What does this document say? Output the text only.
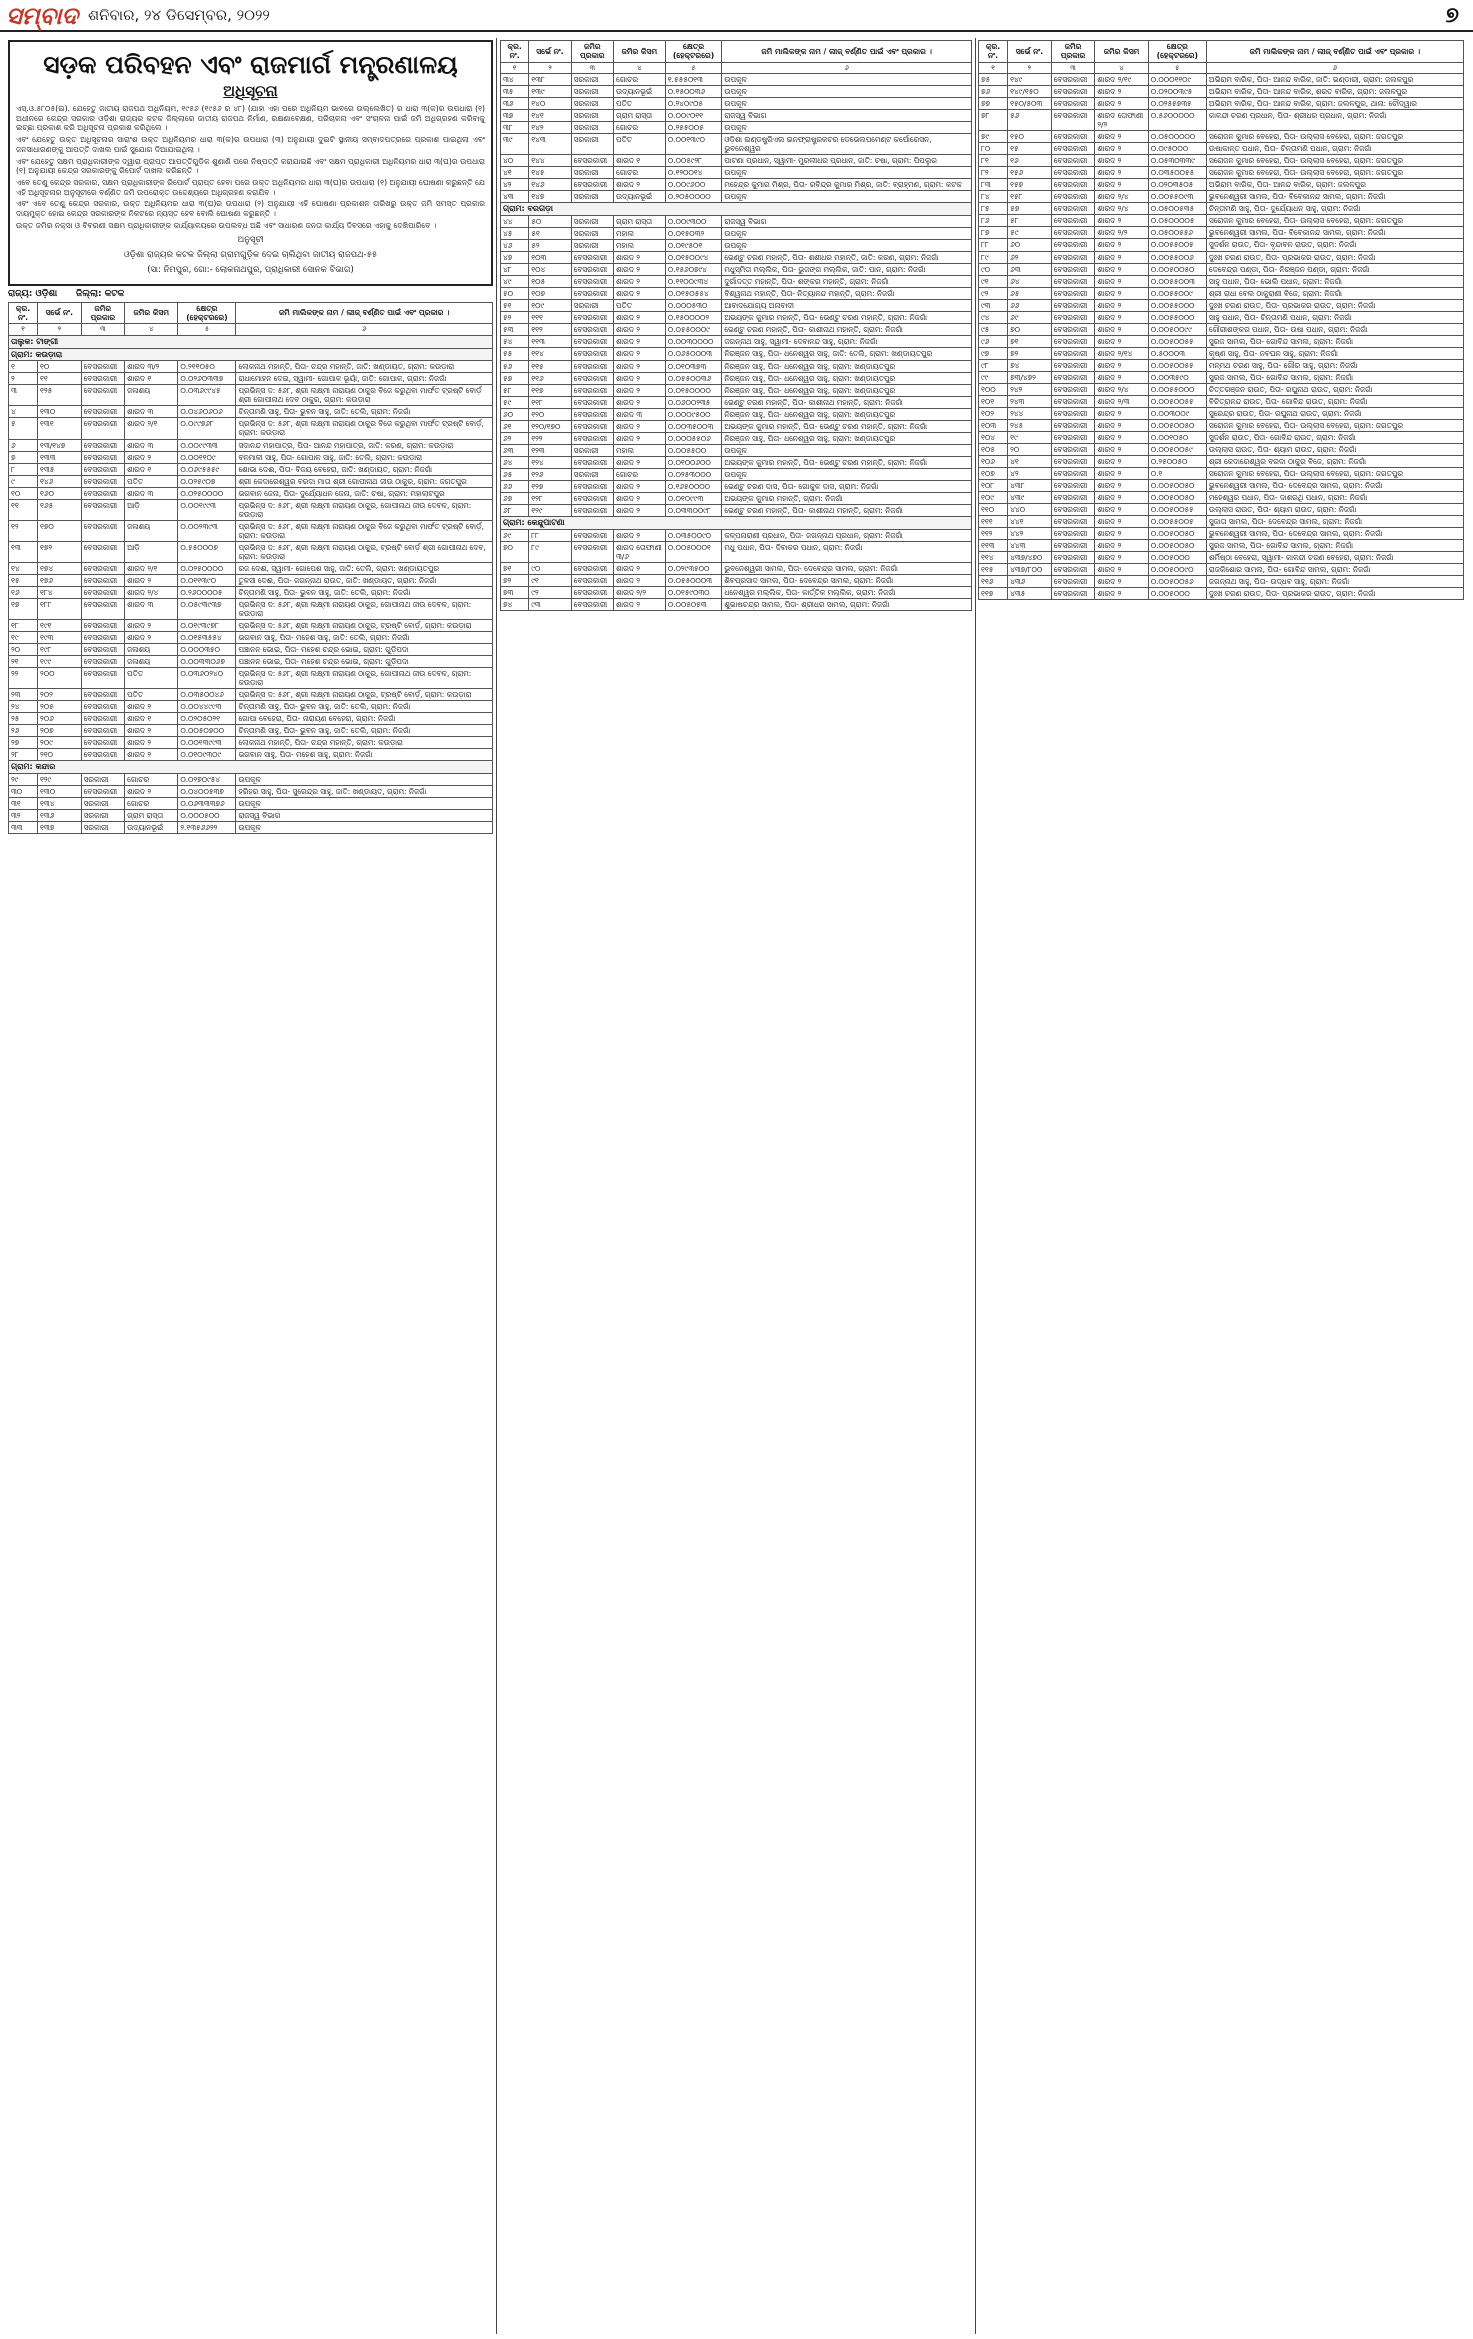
ସମ୍ବାଦ ଶନିବାର, ୨୪ ଡିସେମ୍ବର, ୨୦୨୨	୭
ସଡ଼କ ପରିବହନ ଏବଂ ରାଜମାର୍ଗ ମନ୍ତ୍ରଣାଳୟ
ଅଧିସୂଚନା

ଏସ୍.ଓ.୫୮୦୫(ଇ). ଯେହେତୁ ଜାତୀୟ ରାଜପଥ ଅଧିନିୟମ, ୧୯୫୬ (୧୯୫୬ ର ୪୮) (ଯାହା ଏହା ପରେ ଅଧିନିୟମ ଭାବରେ ଉଲ୍ଲେଖିତ) ର ଧାରା ୩(କ)ର ଉପଧାରା (୧) ଅଧୀନରେ କେନ୍ଦ୍ର ସରକାର ଓଡ଼ିଶା ରାଜ୍ୟର କଟକ ଜିଲ୍ଲାରେ ଜାତୀୟ ରାଜପଥ ନିର୍ମାଣ, ରକ୍ଷଣାବେକ୍ଷଣ, ପରିଚାଳନା ଏବଂ ସଂଚାଳନା ପାଇଁ ଜମି ଅଧିଗ୍ରହଣ କରିବାକୁ ଇଚ୍ଛା ପ୍ରକାଶ କରି ଅଧିସୂଚନା ପ୍ରକାଶ କରିଥିଲେ ।

ଏବଂ ଯେହେତୁ ଉକ୍ତ ଅଧିସୂଚନାର ସାରାଂଶ ଉକ୍ତ ଅଧିନିୟମର ଧାରା ୩(କ)ର ଉପଧାରା (୩) ଅନୁଯାୟୀ ଦୁଇଟି ସ୍ଥାନୀୟ ସମ୍ବାଦପତ୍ରରେ ପ୍ରକାଶ ପାଇଥିଲା ଏବଂ ଜନସାଧାରଣଙ୍କୁ ଆପତ୍ତି ଦାଖଲ ପାଇଁ ସୁଯୋଗ ଦିଆଯାଇଥିଲା ।

ଏବଂ ଯେହେତୁ ସକ୍ଷମ ପ୍ରାଧିକାରୀଙ୍କ ଦ୍ୱାରା ପ୍ରାପ୍ତ ଆପତ୍ତିଗୁଡ଼ିକ ଶୁଣାଣି ପରେ ନିଷ୍ପତ୍ତି କରାଯାଇଛି ଏବଂ ସକ୍ଷମ ପ୍ରାଧିକାରୀ ଅଧିନିୟମର ଧାରା ୩(ଘ)ର ଉପଧାରା (୧) ଅନୁଯାୟୀ କେନ୍ଦ୍ର ସରକାରଙ୍କୁ ରିପୋର୍ଟ ଦାଖଲ କରିଛନ୍ତି ।

ଏବେ ତେଣୁ କେନ୍ଦ୍ର ସରକାର, ସକ୍ଷମ ପ୍ରାଧିକାରୀଙ୍କ ରିପୋର୍ଟ ପ୍ରାପ୍ତ ହେବା ପରେ ଉକ୍ତ ଅଧିନିୟମର ଧାରା ୩(ଘ)ର ଉପଧାରା (୧) ଅନୁଯାୟୀ ଘୋଷଣା କରୁଛନ୍ତି ଯେ ଏହି ଅଧିସୂଚନାର ଅନୁସୂଚୀରେ ବର୍ଣ୍ଣିତ ଜମି ଉପରୋକ୍ତ ଉଦ୍ଦେଶ୍ୟରେ ଅଧିଗ୍ରହଣ କରାଯିବ ।

ଏବଂ ଏବେ ତେଣୁ କେନ୍ଦ୍ର ସରକାର, ଉକ୍ତ ଅଧିନିୟମର ଧାରା ୩(ଘ)ର ଉପଧାରା (୨) ଅନୁଯାୟୀ ଏହି ଘୋଷଣା ପ୍ରକାଶନ ତାରିଖରୁ ଉକ୍ତ ଜମି ସମସ୍ତ ପ୍ରକାର ଦାୟମୁକ୍ତ ହୋଇ କେନ୍ଦ୍ର ସରକାରଙ୍କ ନିକଟରେ ନ୍ୟସ୍ତ ହେବ ବୋଲି ଘୋଷଣା କରୁଛନ୍ତି ।

ଉକ୍ତ ଜମିର ନକ୍ସା ଓ ବିବରଣୀ ସକ୍ଷମ ପ୍ରାଧିକାରୀଙ୍କ କାର୍ଯ୍ୟାଳୟରେ ଉପଲବ୍ଧ ଅଛି ଏବଂ ସାଧାରଣ ଜନତା କାର୍ଯ୍ୟ ଦିବସରେ ଏହାକୁ ଦେଖିପାରିବେ ।

ଅନୁସୂଚୀ
ଓଡ଼ିଶା ରାଜ୍ୟର କଟକ ଜିଲ୍ଲା ଗ୍ରାମଗୁଡ଼ିକ ଦେଇ ଚାଲିଥିବା ଜାତୀୟ ରାଜପଥ-୫୫
(ସା: ନିମପୁର, ଗୋ:- ଲୋକନାଥପୁର, ପ୍ରାଧିକାରୀ ସୋନକ ବିଭାଗ)
ରାଜ୍ୟ: ଓଡ଼ିଶା ଜିଲ୍ଲା: କଟକ
କ୍ର. ନଂ.	ସର୍ଭେ ନଂ.	ଜମିର ପ୍ରକାର	ଜମିର କିସମ	କ୍ଷେତ୍ର (ହେକ୍ଟରରେ)	ଜମି ମାଲିକଙ୍କ ନାମ / ଲୀଜ୍ ବର୍ଣ୍ଣିତ ପାଇଁ ଏବଂ ପ୍ରକାର ।
୧	୨	୩	୪	୫	୬
ତାଲୁକ: ଟାଙ୍ଗୀ					
ଗ୍ରାମ: କଉଡ଼ାରା					
୧	୧୦	ବେସରକାରୀ	ଶାରଦ ୩/୨	୦.୨୧୧୦୫୦	ଲୋକନାଥ ମହାନ୍ତି, ପିତା- ଚନ୍ଦ୍ର ମହାନ୍ତି, ଜାତି: ଖଣ୍ଡାୟତ, ଗ୍ରାମ: କଉଡ଼ାରା
୨	୧୧	ବେସରକାରୀ	ଶାରଦ ୧	୦.୦୨୬୦୩୩୭	ରାଧାମୋହନ ଦେଇ, ସ୍ୱାମୀ- ଗୋପାଳ ଭୂୟାଁ, ଜାତି: ଗୋପାଳ, ଗ୍ରାମ: ନିଜଗାଁ
୩	୧୨୫	ବେସରକାରୀ	ଜଳାଶୟ	୦.୦୩୬୯୯୪୫	ପ୍ରଭିନ୍ସ ଦ: ୫୬୮, ଶ୍ରୀ ଲକ୍ଷ୍ମୀ ନାରାୟଣ ଠାକୁର ବିଜେ କରୁଥିବା ମାର୍ଫତ ଟ୍ରଷ୍ଟି ବୋର୍ଡ଼ ଶ୍ରୀ ଗୋପୀନାଥ ଦେବ ଠାକୁର, ଗ୍ରାମ: କଉଡ଼ାରା
୪	୧୩୦	ବେସରକାରୀ	ଶାରଦ ୩	୦.୦୪୬୦୬୦୬	ଚିନ୍ତାମଣି ସାହୁ, ପିତା- ଭୁବନ ସାହୁ, ଜାତି: ତେଲି, ଗ୍ରାମ: ନିଜଗାଁ
୫	୧୩୧	ବେସରକାରୀ	ଶାରଦ ୨/୧	୦.୦୯୯୭୬୮	ପ୍ରଭିନ୍ସ ଦ: ୫୬୮, ଶ୍ରୀ ଲକ୍ଷ୍ମୀ ନାରାୟଣ ଠାକୁର ବିଜେ କରୁଥିବା ମାର୍ଫତ ଟ୍ରଷ୍ଟି ବୋର୍ଡ଼, ଗ୍ରାମ: କଉଡ଼ାରା
୬	୧୩/୧୪୭	ବେସରକାରୀ	ଶାରଦ ୩	୦.୦୦୯୯୩୩	ସଦାନନ୍ଦ ମହାପାତ୍ର, ପିତା- ଆନନ୍ଦ ମହାପାତ୍ର, ଜାତି: କରଣ, ଗ୍ରାମ: କଉଡ଼ାରା
୭	୧୩୩	ବେସରକାରୀ	ଶାରଦ ୨	୦.୦୦୧୧୦୯	ବନମାଳୀ ସାହୁ, ପିତା- ଗୋପାଳ ସାହୁ, ଜାତି: ତେଲି, ଗ୍ରାମ: କଉଡ଼ାରା
୮	୧୩୫	ବେସରକାରୀ	ଶାରଦ ୧	୦.୦୬୯୫୫୫୯	ଶୋଭା ଦେଈ, ପିତା- ବିଜୟ ବେହେରା, ଜାତି: ଖଣ୍ଡାୟତ, ଗ୍ରାମ: ନିଜଗାଁ
୯	୧୪୬	ବେସରକାରୀ	ପତିତ	୦.୦୨୫୯୦୭	ଶ୍ରୀ କେଦାରେଶ୍ୱର ବରଦା ମାତା ଶ୍ରୀ ଗୋପୀନାଥ ଜୀଉ ଠାକୁର, ଗ୍ରାମ: ଜଗତପୁର
୧୦	୧୬୦	ବେସରକାରୀ	ଶାରଦ ୩	୦.୦୨୫୦୦୦୦	ଭଗବାନ ଜେନା, ପିତା- ଦୁର୍ଯ୍ୟୋଧନ ଜେନା, ଜାତି: ଚଷା, ଗ୍ରାମ: ମହାଲାଟପୁର
୧୧	୧୬୫	ବେସରକାରୀ	ଆଡ଼ି	୦.୦୦୧୯୯୩	ପ୍ରଭିନ୍ସ ଦ: ୫୬୮, ଶ୍ରୀ ଲକ୍ଷ୍ମୀ ନାରାୟଣ ଠାକୁର, ଗୋପୀନାଥ ଜୀଉ ଦେବଳ, ଗ୍ରାମ: କଉଡ଼ାରା
୧୨	୧୭୦	ବେସରକାରୀ	ଜଳାଶୟ	୦.୦୦୨୩୯୩	ପ୍ରଭିନ୍ସ ଦ: ୫୬୮, ଶ୍ରୀ ଲକ୍ଷ୍ମୀ ନାରାୟଣ ଠାକୁର ବିଜେ କରୁଥିବା ମାର୍ଫତ ଟ୍ରଷ୍ଟି ବୋର୍ଡ଼, ଗ୍ରାମ: କଉଡ଼ାରା
୧୩	୧୭୨	ବେସରକାରୀ	ଆଡ଼ି	୦.୫୫୦୦୦୭	ପ୍ରଭିନ୍ସ ଦ: ୫୬୮, ଶ୍ରୀ ଲକ୍ଷ୍ମୀ ନାରାୟଣ ଠାକୁର, ଟ୍ରଷ୍ଟି ବୋର୍ଡ଼ ଶ୍ରୀ ଗୋପୀନାଥ ଦେବ, ଗ୍ରାମ: କଉଡ଼ାରା
୧୪	୧୭୪	ବେସରକାରୀ	ଶାରଦ ୨/୧	୦.୦୨୫୦୦୦୦	ରଜ ଦେଈ, ସ୍ୱାମୀ- ଗୋପେଶ ସାହୁ, ଜାତି: ତେଲି, ଗ୍ରାମ: ଖଣ୍ଡାୟତପୁର
୧୫	୧୭୬	ବେସରକାରୀ	ଶାରଦ ୨	୦.୦୧୧୩୯୦	ତୁଳସୀ ଦେଈ, ପିତା- ଜଗନ୍ନାଥ ରାଉତ, ଜାତି: ଖଣ୍ଡାୟତ, ଗ୍ରାମ: ନିଜଗାଁ
୧୬	୧୮୪	ବେସରକାରୀ	ଶାରଦ ୨/୪	୦.୨୬୦୦୦୦୫	ଚିନ୍ତାମଣି ସାହୁ, ପିତା- ଭୁବନ ସାହୁ, ଜାତି: ତେଲି, ଗ୍ରାମ: ନିଜଗାଁ
୧୭	୧୮୮	ବେସରକାରୀ	ଶାରଦ ୩	୦.୦୫୯୩୯୩୭	ପ୍ରଭିନ୍ସ ଦ: ୫୬୮, ଶ୍ରୀ ଲକ୍ଷ୍ମୀ ନାରାୟଣ ଠାକୁର, ଗୋପୀନାଥ ଜୀଉ ଦେବଳ, ଗ୍ରାମ: କଉଡ଼ାରା
୧୮	୧୯୧	ବେସରକାରୀ	ଶାରଦ ୨	୦.୦୧୯୩୯୭୮	ପ୍ରଭିନ୍ସ ଦ: ୫୬୮, ଶ୍ରୀ ଲକ୍ଷ୍ମୀ ନାରାୟଣ ଠାକୁର, ଟ୍ରଷ୍ଟି ବୋର୍ଡ଼, ଗ୍ରାମ: କଉଡ଼ାରା
୧୯	୧୯୩	ବେସରକାରୀ	ଶାରଦ ୨	୦.୦୧୫୩୫୫୪	ଭଗବାନ ସାହୁ, ପିତା- ମହେଶ ସାହୁ, ଜାତି: ତେଲି, ଗ୍ରାମ: ନିଜଗାଁ
୨୦	୧୯୮	ବେସରକାରୀ	ଜଳାଶୟ	୦.୦୦୦୩୫୦	ପଞ୍ଚାନନ ଭୋଇ, ପିତା- ମହେଶ ଚନ୍ଦ୍ର ଭୋଇ, ଗ୍ରାମ: ଗୁଡ଼ିପଦା
୨୧	୧୯୯	ବେସରକାରୀ	ଜଳାଶୟ	୦.୦୦୩୩୦୬୭	ପଞ୍ଚାନନ ଭୋଇ, ପିତା- ମହେଶ ଚନ୍ଦ୍ର ଭୋଇ, ଗ୍ରାମ: ଗୁଡ଼ିପଦା
୨୨	୨୦୦	ବେସରକାରୀ	ପତିତ	୦.୦୩୬୦୨୪୦	ପ୍ରଭିନ୍ସ ଦ: ୫୬୮, ଶ୍ରୀ ଲକ୍ଷ୍ମୀ ନାରାୟଣ ଠାକୁର, ଗୋପୀନାଥ ଜୀଉ ଦେବଳ, ଗ୍ରାମ: କଉଡ଼ାରା
୨୩	୨୦୨	ବେସରକାରୀ	ପତିତ	୦.୦୩୫୦୦୪୬	ପ୍ରଭିନ୍ସ ଦ: ୫୬୮, ଶ୍ରୀ ଲକ୍ଷ୍ମୀ ନାରାୟଣ ଠାକୁର, ଟ୍ରଷ୍ଟି ବୋର୍ଡ଼, ଗ୍ରାମ: କଉଡ଼ାରା
୨୪	୨୦୫	ବେସରକାରୀ	ଶାରଦ ୨	୦.୦୦୪୪୯୯୩	ଚିନ୍ତାମଣି ସାହୁ, ପିତା- ଭୁବନ ସାହୁ, ଜାତି: ତେଲି, ଗ୍ରାମ: ନିଜଗାଁ
୨୫	୨୦୬	ବେସରକାରୀ	ଶାରଦ ୧	୦.୦୨୦୫୦୨୧	ଗୋପା ବେହେରା, ପିତା- ନାରାୟଣ ବେହେରା, ଗ୍ରାମ: ନିଜଗାଁ
୨୬	୨୦୭	ବେସରକାରୀ	ଶାରଦ ୨	୦.୦୦୫୦୭୦୦	ଚିନ୍ତାମଣି ସାହୁ, ପିତା- ଭୁବନ ସାହୁ, ଜାତି: ତେଲି, ଗ୍ରାମ: ନିଜଗାଁ
୨୭	୨୦୯	ବେସରକାରୀ	ଶାରଦ ୨	୦.୦୦୧୩୯୯୩	ଲୋକନାଥ ମହାନ୍ତି, ପିତା- ଚନ୍ଦ୍ର ମହାନ୍ତି, ଗ୍ରାମ: କଉଡ଼ାରା
୨୮	୨୧୦	ବେସରକାରୀ	ଶାରଦ ୨	୦.୦୧୦୯୩୦୯	ଭଗବାନ ସାହୁ, ପିତା- ମହେଶ ସାହୁ, ଗ୍ରାମ: ନିଜଗାଁ
ଗ୍ରାମ: କନ୍ଦାର					
୨୯	୧୨୯	ସରକାରୀ	ଗୋଚର	୦.୦୨୭୦୯୫୪	ଉପକୂଳ
୩୦	୧୩୦	ବେସରକାରୀ	ଶାରଦ ୨	୦.୦୪୦୦୫୩୭	ହରିହର ସାହୁ, ପିତା- ସୁରେନ୍ଦ୍ର ସାହୁ, ଜାତି: ଖଣ୍ଡାୟତ, ଗ୍ରାମ: ନିଜଗାଁ
୩୧	୧୩୪	ସରକାରୀ	ଗୋଚର	୦.୦୬୩୩୩୭୬	ଉପକୂଳ
୩୨	୧୩୬	ସରକାରୀ	ଗ୍ରାମ ରାସ୍ତା	୦.୦୦୦୫୦୦	ରାଜସ୍ୱ ବିଭାଗ
୩୩	୧୩୭	ସରକାରୀ	ଉଦ୍ୟାନଭୂଇଁ	୨.୧୩୫୬୬୨୨	ଉପକୂଳ
କ୍ର. ନଂ.	ସର୍ଭେ ନଂ.	ଜମିର ପ୍ରକାର	ଜମିର କିସମ	କ୍ଷେତ୍ର (ହେକ୍ଟରରେ)	ଜମି ମାଲିକଙ୍କ ନାମ / ଲୀଜ୍ ବର୍ଣ୍ଣିତ ପାଇଁ ଏବଂ ପ୍ରକାର ।
୧	୨	୩	୪	୫	୬
୩୪	୧୩୮	ସରକାରୀ	ଗୋଚର	୧.୫୫୫୦୧୩	ଉପକୂଳ
୩୫	୧୩୯	ସରକାରୀ	ଉଦ୍ୟାନଭୂଇଁ	୦.୧୫୦୦୩୬	ଉପକୂଳ
୩୬	୧୪୦	ସରକାରୀ	ପତିତ	୦.୨୪୦୯୦୫	ଉପକୂଳ
୩୭	୧୪୧	ସରକାରୀ	ଗ୍ରାମ ରାସ୍ତା	୦.୦୦୯୦୧୧	ରାଜସ୍ୱ ବିଭାଗ
୩୮	୧୪୨	ସରକାରୀ	ଗୋଚର	୦.୨୫୫୦୦୫	ଉପକୂଳ
୩୯	୧୪୩	ସରକାରୀ	ପତିତ	୦.୦୦୧୩୯୦	ଓଡ଼ିଶା ଇଣ୍ଡଷ୍ଟ୍ରିଏଲ ଇନଫ୍ରାଷ୍ଟ୍ରକଚର ଡେଭେଲପମେଣ୍ଟ କର୍ପୋରେସନ, ଭୁବନେଶ୍ୱର
୪୦	୧୪୪	ବେସରକାରୀ	ଶାରଦ ୧	୦.୦୦୫୯୨୮	ପାଟଣା ପ୍ରଧାନ, ସ୍ୱାମୀ- ମୁରଲୀଧର ପ୍ରଧାନ, ଜାତି: ଚଷା, ଗ୍ରାମ: ପିପଲୁର
୪୧	୧୪୫	ସରକାରୀ	ଗୋଚର	୦.୧୨୦୦୧୪	ଉପକୂଳ
୪୨	୧୪୬	ବେସରକାରୀ	ଶାରଦ ୨	୦.୦୦୯୬୦୦	ମହେନ୍ଦ୍ର କୁମାର ମିଶ୍ର, ପିତା- ରବିନ୍ଦ୍ର କୁମାର ମିଶ୍ର, ଜାତି: ବ୍ରାହ୍ମଣ, ଗ୍ରାମ: କଟକ
୪୩	୧୪୭	ସରକାରୀ	ଉଦ୍ୟାନଭୂଇଁ	୦.୨୦୫୦୦୦୦	ଉପକୂଳ
ଗ୍ରାମ: ବରଗଡ଼ା					
୪୪	୫୦	ସରକାରୀ	ଗ୍ରାମ ରାସ୍ତା	୦.୦୦୯୩୦୦	ରାଜସ୍ୱ ବିଭାଗ
୪୫	୫୧	ସରକାରୀ	ମହାଲ	୦.୦୧୫୦୩୨	ଉପକୂଳ
୪୬	୫୨	ସରକାରୀ	ମହାଲ	୦.୦୧୯୫୦୧	ଉପକୂଳ
୪୭	୧୦୩	ବେସରକାରୀ	ଶାରଦ ୨	୦.୦୧୫୦୦୯୪	ଭେଣ୍ଟୁ ଚରଣ ମହାନ୍ତି, ପିତା- ଶଶୀଧର ମହାନ୍ତି, ଜାତି: କରଣ, ଗ୍ରାମ: ନିଜଗାଁ
୪୮	୧୦୪	ବେସରକାରୀ	ଶାରଦ ୨	୦.୧୫୬୦୭୯୪	ମଧୁସ୍ମିତା ମଲ୍ଲିକ, ପିତା- ଭୁଜଙ୍ଗ ମଲ୍ଲିକ, ଜାତି: ପାନ, ଗ୍ରାମ: ନିଜଗାଁ
୪୯	୧୦୫	ବେସରକାରୀ	ଶାରଦ ୨	୦.୧୧୦୦୯୩୪	ଦୁର୍ଗାଦତ୍ତ ମହାନ୍ତି, ପିତା- ଶଙ୍କର ମହାନ୍ତି, ଗ୍ରାମ: ନିଜଗାଁ
୫୦	୧୦୭	ବେସରକାରୀ	ଶାରଦ ୨	୦.୦୧୫୦୫୫୪	ବିଶ୍ୱନାଥ ମହାନ୍ତି, ପିତା- ନିତ୍ୟାନନ୍ଦ ମହାନ୍ତି, ଗ୍ରାମ: ନିଜଗାଁ
୫୧	୧୦୯	ସରକାରୀ	ପତିତ	୦.୦୦୦୫୩୦	ଆବାଦଯୋଗ୍ୟ ଅନାବାଦୀ
୫୨	୧୧୧	ବେସରକାରୀ	ଶାରଦ ୨	୦.୧୫୦୦୦୦୨	ଅଭୟଙ୍କ କୁମାର ମହାନ୍ତି, ପିତା- ଭେଣ୍ଟୁ ଚରଣ ମହାନ୍ତି, ଗ୍ରାମ: ନିଜଗାଁ
୫୩	୧୧୨	ବେସରକାରୀ	ଶାରଦ ୨	୦.୦୫୫୦୦୦୯	ଭେଣ୍ଟୁ ଚରଣ ମହାନ୍ତି, ପିତା- କାଶୀନାଥ ମହାନ୍ତି, ଗ୍ରାମ: ନିଜଗାଁ
୫୪	୧୧୩	ବେସରକାରୀ	ଶାରଦ ୨	୦.୦୦୩୦୦୦୦	ଜଗନ୍ନାଥ ସାହୁ, ସ୍ୱାମୀ- ଦେବାନନ୍ଦ ସାହୁ, ଗ୍ରାମ: ନିଜଗାଁ
୫୫	୧୧୪	ବେସରକାରୀ	ଶାରଦ ୨	୦.୦୬୫୦୦୦୩	ନିରଞ୍ଜନ ସାହୁ, ପିତା- ଧନେଶ୍ୱର ସାହୁ, ଜାତି: ତେଲି, ଗ୍ରାମ: ଖଣ୍ଡାୟତପୁର
୫୬	୧୧୫	ବେସରକାରୀ	ଶାରଦ ୨	୦.୦୧୦୩୭୩	ନିରଞ୍ଜନ ସାହୁ, ପିତା- ଧନେଶ୍ୱର ସାହୁ, ଗ୍ରାମ: ଖଣ୍ଡାୟତପୁର
୫୭	୧୧୬	ବେସରକାରୀ	ଶାରଦ ୨	୦.୦୫୫୦୦୩୬	ନିରଞ୍ଜନ ସାହୁ, ପିତା- ଧନେଶ୍ୱର ସାହୁ, ଗ୍ରାମ: ଖଣ୍ଡାୟତପୁର
୫୮	୧୧୭	ବେସରକାରୀ	ଶାରଦ ୨	୦.୦୧୫୦୦୦୦	ନିରଞ୍ଜନ ସାହୁ, ପିତା- ଧନେଶ୍ୱର ସାହୁ, ଗ୍ରାମ: ଖଣ୍ଡାୟତପୁର
୫୯	୧୧୮	ବେସରକାରୀ	ଶାରଦ ୨	୦.୦୬୦୦୨୩୫	ଭେଣ୍ଟୁ ଚରଣ ମହାନ୍ତି, ପିତା- କାଶୀନାଥ ମହାନ୍ତି, ଗ୍ରାମ: ନିଜଗାଁ
୬୦	୧୨୦	ବେସରକାରୀ	ଶାରଦ ୩	୦.୦୦୦୯୫୦୦	ନିରଞ୍ଜନ ସାହୁ, ପିତା- ଧନେଶ୍ୱର ସାହୁ, ଗ୍ରାମ: ଖଣ୍ଡାୟତପୁର
୬୧	୧୨୦/୧୭୦	ବେସରକାରୀ	ଶାରଦ ୨	୦.୦୦୩୫୦୦୩	ଅଭୟଙ୍କ କୁମାର ମହାନ୍ତି, ପିତା- ଭେଣ୍ଟୁ ଚରଣ ମହାନ୍ତି, ଗ୍ରାମ: ନିଜଗାଁ
୬୨	୧୨୨	ବେସରକାରୀ	ଶାରଦ ୨	୦.୦୦୦୫୫୦୬	ନିରଞ୍ଜନ ସାହୁ, ପିତା- ଧନେଶ୍ୱର ସାହୁ, ଗ୍ରାମ: ଖଣ୍ଡାୟତପୁର
୬୩	୧୨୩	ସରକାରୀ	ମହାଲ	୦.୦୦୫୫୦୦	ଉପକୂଳ
୬୪	୧୨୪	ବେସରକାରୀ	ଶାରଦ ୨	୦.୦୧୦୦୬୦୦	ଅଭୟଙ୍କ କୁମାର ମହାନ୍ତି, ପିତା- ଭେଣ୍ଟୁ ଚରଣ ମହାନ୍ତି, ଗ୍ରାମ: ନିଜଗାଁ
୬୫	୧୨୬	ସରକାରୀ	ଗୋଚର	୦.୦୨୫୩୦୦୦	ଉପକୂଳ
୬୬	୧୨୭	ବେସରକାରୀ	ଶାରଦ ୨	୦.୧୬୫୦୦୦୦	ଭେଣ୍ଟୁ ଚରଣ ଦାସ, ପିତା- ଗୋକୁଳ ଦାସ, ଗ୍ରାମ: ନିଜଗାଁ
୬୭	୧୨୮	ବେସରକାରୀ	ଶାରଦ ୨	୦.୦୧୦୯୯୩	ଅଭୟଙ୍କ କୁମାର ମହାନ୍ତି, ଗ୍ରାମ: ନିଜଗାଁ
୬୮	୧୨୯	ବେସରକାରୀ	ଶାରଦ ୨	୦.୦୩୩୦୦୯୮	ଭେଣ୍ଟୁ ଚରଣ ମହାନ୍ତି, ପିତା- କାଶୀନାଥ ମହାନ୍ତି, ଗ୍ରାମ: ନିଜଗାଁ
ଗ୍ରାମ: କେନ୍ଦୁପାଟଣା					
୬୯	୮୮	ବେସରକାରୀ	ଶାରଦ ୨	୦.୦୩୫୦୦୯୦	କଳ୍ପନାରାଣୀ ପ୍ରଧାନ, ପିତା- ଜଗନ୍ନାଥ ପ୍ରଧାନ, ଗ୍ରାମ: ନିଜଗାଁ
୭୦	୮୯	ବେସରକାରୀ	ଶାରଦ ତୋଫାଣୀ ୩/୬	୦.୦୦୫୦୦୦୧	ମଧୁ ପଧାନ, ପିତା- ଦିବାକର ପଧାନ, ଗ୍ରାମ: ନିଜଗାଁ
୭୧	୯୦	ବେସରକାରୀ	ଶାରଦ ୨	୦.୦୨୯୩୫୦୦	ଭୁବନେଶ୍ୱରୀ ସାମଲ, ପିତା- ଦେବେନ୍ଦ୍ର ସାମଲ, ଗ୍ରାମ: ନିଜଗାଁ
୭୨	୯୧	ବେସରକାରୀ	ଶାରଦ ୨	୦.୦୫୫୦୦୦୩	ଶିବପ୍ରସାଦ ସାମଲ, ପିତା- ଦେବେନ୍ଦ୍ର ସାମଲ, ଗ୍ରାମ: ନିଜଗାଁ
୭୩	୯୨	ବେସରକାରୀ	ଶାରଦ ୨/୨	୦.୦୧୫୯୦୩୦	ଧନେଶ୍ୱର ମଲ୍ଲିକ, ପିତା- କାର୍ତ୍ତିକ ମଲ୍ଲିକ, ଗ୍ରାମ: ନିଜଗାଁ
୭୪	୯୩	ବେସରକାରୀ	ଶାରଦ ୨	୦.୦୦୫୦୫୩	ଶୁଭାଷଚନ୍ଦ୍ର ସାମଲ, ପିତା- ଶ୍ରୀଧର ସାମଲ, ଗ୍ରାମ: ନିଜଗାଁ
କ୍ର. ନଂ.	ସର୍ଭେ ନଂ.	ଜମିର ପ୍ରକାର	ଜମିର କିସମ	କ୍ଷେତ୍ର (ହେକ୍ଟରରେ)	ଜମି ମାଲିକଙ୍କ ନାମ / ଲୀଜ୍ ବର୍ଣ୍ଣିତ ପାଇଁ ଏବଂ ପ୍ରକାର ।
୧	୨	୩	୪	୫	୬
୭୫	୧୪୯	ବେସରକାରୀ	ଶାରଦ ୨/୧୯	୦.୦୦୦୧୧୦୯	ଅଭିରାମ ବାରିକ, ପିତା- ଆନନ୍ଦ ବାରିକ, ଜାତି: ଭଣ୍ଡାରୀ, ଗ୍ରାମ: ଜଲଳପୁର
୭୬	୧୪୯/୧୫୦	ବେସରକାରୀ	ଶାରଦ ୨	୦.୦୨୦୦୩୯୫	ଅଭିରାମ ବାରିକ, ପିତା- ଆନନ୍ଦ ବାରିକ, ଶରତ ବାରିକ, ଗ୍ରାମ: ଜଲଳପୁର
୭୭	୧୫୦/୫୦୩	ବେସରକାରୀ	ଶାରଦ ୨	୦.୦୨୫୫୭୩୫	ଅଭିରାମ ବାରିକ, ପିତା- ଆନନ୍ଦ ବାରିକ, ଗ୍ରାମ: ଜଲଳପୁର, ଥାନା: ଚୌଦ୍ୱାର
୭୮	୫୬	ବେସରକାରୀ	ଶାରଦ ତୋଫାଣୀ ୨/୨	୦.୫୬୦୦୦୦୦	କାଳନ୍ଦୀ ଚରଣ ପ୍ରଧାନ, ପିତା- ଶ୍ରୀଧର ପ୍ରଧାନ, ଗ୍ରାମ: ନିଜଗାଁ
୭୯	୧୫୦	ବେସରକାରୀ	ଶାରଦ ୨	୦.୦୫୦୦୦୦୦	ସରୋଜନ କୁମାର ବେହେରା, ପିତା- ଉଲ୍ଲାସ ବେହେରା, ଗ୍ରାମ: ଜଗତପୁର
୮୦	୧୫	ବେସରକାରୀ	ଶାରଦ ୨	୦.୦୯୫୦୦୦	ଉଷାକାନ୍ତ ପଧାନ, ପିତା- ଚିନ୍ତାମଣି ପଧାନ, ଗ୍ରାମ: ନିଜଗାଁ
୮୧	୧୬	ବେସରକାରୀ	ଶାରଦ ୨	୦.୦୫୩୦୩୩୯	ସରୋଜନ କୁମାର ବେହେରା, ପିତା- ଉଲ୍ଲାସ ବେହେରା, ଗ୍ରାମ: ଜଗତପୁର
୮୨	୧୫୬	ବେସରକାରୀ	ଶାରଦ ୨	୦.୦୩୫୦୦୫୫	ସରୋଜନ କୁମାର ବେହେରା, ପିତା- ଉଲ୍ଲାସ ବେହେରା, ଗ୍ରାମ: ଜଗତପୁର
୮୩	୧୫୭	ବେସରକାରୀ	ଶାରଦ ୨	୦.୦୨୦୩୫୦୫	ଅଭିରାମ ବାରିକ, ପିତା- ଆନନ୍ଦ ବାରିକ, ଗ୍ରାମ: ଜଲଳପୁର
୮୪	୧୫୮	ବେସରକାରୀ	ଶାରଦ ୨/୪	୦.୦୦୫୫୦୯୩	ଭୁବନେଶ୍ୱରୀ ସାମଲ, ପିତା- ବିବେକାନନ୍ଦ ସାମଲ, ଗ୍ରାମ: ନିଜଗାଁ
୮୫	୫୭	ବେସରକାରୀ	ଶାରଦ ୨/୪	୦.୦୫୦୦୫୩୫	ଚିନ୍ତାମଣି ସାହୁ, ପିତା- ଦୁର୍ଯ୍ୟୋଧନ ସାହୁ, ଗ୍ରାମ: ନିଜଗାଁ
୮୬	୫୮	ବେସରକାରୀ	ଶାରଦ ୨	୦.୦୫୦୦୦୦୫	ସରୋଜନ କୁମାର ବେହେରା, ପିତା- ଉଲ୍ଲାସ ବେହେରା, ଗ୍ରାମ: ଜଗତପୁର
୮୭	୫୯	ବେସରକାରୀ	ଶାରଦ ୨/୨	୦.୦୫୦୦୫୫୬	ଭୁବନେଶ୍ୱରୀ ସାମଲ, ପିତା- ବିବେକାନନ୍ଦ ସାମଲ, ଗ୍ରାମ: ନିଜଗାଁ
୮୮	୬୦	ବେସରକାରୀ	ଶାରଦ ୨	୦.୦୦୫୫୦୦୫	ସୁଦର୍ଶନ ରାଉତ, ପିତା- ବୃନ୍ଦାବନ ରାଉତ, ଗ୍ରାମ: ନିଜଗାଁ
୮୯	୬୨	ବେସରକାରୀ	ଶାରଦ ୨	୦.୦୦୫୫୦୦୬	ଦୁଃଖ ଚରଣ ରାଉତ, ପିତା- ପ୍ରଭାକର ରାଉତ, ଗ୍ରାମ: ନିଜଗାଁ
୯୦	୬୩	ବେସରକାରୀ	ଶାରଦ ୨	୦.୦୦୫୦୦୫୦	ଦେବେନ୍ଦ୍ର ପଣ୍ଡା, ପିତା- ନିରଞ୍ଜନ ପଣ୍ଡା, ଗ୍ରାମ: ନିଜଗାଁ
୯୧	୬୪	ବେସରକାରୀ	ଶାରଦ ୨	୦.୦୦୫୫୦୦୩	ସାହୁ ପଧାନ, ପିତା- ଭୋଲି ପଧାନ, ଗ୍ରାମ: ନିଜଗାଁ
୯୨	୬୫	ବେସରକାରୀ	ଶାରଦ ୨	୦.୦୦୫୫୦୦୯	ଶ୍ରୀ ରାଧା ବେଲ ଠାକୁରାଣୀ ବିଜେ, ଗ୍ରାମ: ନିଜଗାଁ
୯୩	୬୬	ବେସରକାରୀ	ଶାରଦ ୨	୦.୦୦୫୫୦୦୦	ଦୁଃଖ ଚରଣ ରାଉତ, ପିତା- ପ୍ରଭାକର ରାଉତ, ଗ୍ରାମ: ନିଜଗାଁ
୯୪	୬୯	ବେସରକାରୀ	ଶାରଦ ୨	୦.୦୦୫୫୦୦୦	ସାହୁ ପଧାନ, ପିତା- ଚିନ୍ତାମଣି ପଧାନ, ଗ୍ରାମ: ନିଜଗାଁ
୯୫	୭୦	ବେସରକାରୀ	ଶାରଦ ୨	୦.୦୦୫୦୦୯୯	ଗୌରୀଶଙ୍କର ପଧାନ, ପିତା- ଉଷା ପଧାନ, ଗ୍ରାମ: ନିଜଗାଁ
୯୬	୭୧	ବେସରକାରୀ	ଶାରଦ ୨	୦.୦୦୫୦୦୫୫	ସୁରଜ ସାମଲ, ପିତା- ଗୋବିନ୍ଦ ସାମଲ, ଗ୍ରାମ: ନିଜଗାଁ
୯୭	୭୨	ବେସରକାରୀ	ଶାରଦ ୨/୧୪	୦.୫୦୦୦୩	କୃଷ୍ଣ ସାହୁ, ପିତା- ନବଘନ ସାହୁ, ଗ୍ରାମ: ନିଜଗାଁ
୯୮	୭୪	ବେସରକାରୀ	ଶାରଦ ୨	୦.୦୦୫୦୦୫୫	ମନ୍ମଥ ଚରଣ ସାହୁ, ପିତା- ଗୌର ସାହୁ, ଗ୍ରାମ: ନିଜଗାଁ
୯୯	୭୩/୪୭୨	ବେସରକାରୀ	ଶାରଦ ୨	୦.୦୦୩୫୯୦	ସୁରଜ ସାମଲ, ପିତା- ଗୋବିନ୍ଦ ସାମଲ, ଗ୍ରାମ: ନିଜଗାଁ
୧୦୦	୨୪୨	ବେସରକାରୀ	ଶାରଦ ୨/୪	୦.୦୦୫୫୦୦୦	ଚିତ୍ତରଞ୍ଜନ ରାଉତ, ପିତା- ରଘୁନାଥ ରାଉତ, ଗ୍ରାମ: ନିଜଗାଁ
୧୦୧	୨୪୩	ବେସରକାରୀ	ଶାରଦ ୨/୩	୦.୦୦୫୦୦୫୫	ବିଚିତ୍ରାନନ୍ଦ ରାଉତ, ପିତା- ଗୋବିନ୍ଦ ରାଉତ, ଗ୍ରାମ: ନିଜଗାଁ
୧୦୨	୨୪୪	ବେସରକାରୀ	ଶାରଦ ୨	୦.୦୦୩୦୦୯	ସୁରେନ୍ଦ୍ର ରାଉତ, ପିତା- ରଘୁନାଥ ରାଉତ, ଗ୍ରାମ: ନିଜଗାଁ
୧୦୩	୨୪୫	ବେସରକାରୀ	ଶାରଦ ୨	୦.୦୦୫୦୦୫୦	ସରୋଜନ କୁମାର ବେହେରା, ପିତା- ଉଲ୍ଲାସ ବେହେରା, ଗ୍ରାମ: ଜଗତପୁର
୧୦୪	୧୯	ବେସରକାରୀ	ଶାରଦ ୨	୦.୦୦୧୦୫୦	ସୁଦର୍ଶନ ରାଉତ, ପିତା- ଗୋବିନ୍ଦ ରାଉତ, ଗ୍ରାମ: ନିଜଗାଁ
୧୦୫	୨୦	ବେସରକାରୀ	ଶାରଦ ୨	୦.୦୦୫୦୦୫୯	ଉଲ୍ଲାସ ରାଉତ, ପିତା- ଶ୍ୟାମ ରାଉତ, ଗ୍ରାମ: ନିଜଗାଁ
୧୦୬	୪୧	ବେସରକାରୀ	ଶାରଦ ୨	୦.୨୫୦୦୫୦	ଶ୍ରୀ କେଦାରେଶ୍ୱର ବରଦା ଠାକୁର ବିଜେ, ଗ୍ରାମ: ନିଜଗାଁ
୧୦୭	୪୨	ବେସରକାରୀ	ଶାରଦ ୨	୦.୧	ସରୋଜନ କୁମାର ବେହେରା, ପିତା- ଉଲ୍ଲାସ ବେହେରା, ଗ୍ରାମ: ଜଗତପୁର
୧୦୮	୪୩୮	ବେସରକାରୀ	ଶାରଦ ୨	୦.୦୦୫୦୦୫୦	ଭୁବନେଶ୍ୱରୀ ସାମଲ, ପିତା- ଦେବେନ୍ଦ୍ର ସାମଲ, ଗ୍ରାମ: ନିଜଗାଁ
୧୦୯	୪୩୯	ବେସରକାରୀ	ଶାରଦ ୨	୦.୦୦୫୦୦୫୦	ମହେଶ୍ୱର ପଧାନ, ପିତା- ଦାଶରଥି ପଧାନ, ଗ୍ରାମ: ନିଜଗାଁ
୧୧୦	୪୪୦	ବେସରକାରୀ	ଶାରଦ ୨	୦.୦୦୫୦୦୫୫	ଉଲ୍ଲାସ ରାଉତ, ପିତା- ଶ୍ୟାମ ରାଉତ, ଗ୍ରାମ: ନିଜଗାଁ
୧୧୧	୪୪୧	ବେସରକାରୀ	ଶାରଦ ୨	୦.୦୦୫୫୦୦୫	ସୁଜାତା ସାମଲ, ପିତା- ଦେବେନ୍ଦ୍ର ସାମଲ, ଗ୍ରାମ: ନିଜଗାଁ
୧୧୨	୪୪୨	ବେସରକାରୀ	ଶାରଦ ୨	୦.୦୦୫୦୦୫୦	ଭୁବନେଶ୍ୱରୀ ସାମଲ, ପିତା- ଦେବେନ୍ଦ୍ର ସାମଲ, ଗ୍ରାମ: ନିଜଗାଁ
୧୧୩	୪୪୩	ବେସରକାରୀ	ଶାରଦ ୨	୦.୦୦୫୦୦୫୦	ସୁରଜ ସାମଲ, ପିତା- ଗୋବିନ୍ଦ ସାମଲ, ଗ୍ରାମ: ନିଜଗାଁ
୧୧୪	୪୩୭/୪୭୦	ବେସରକାରୀ	ଶାରଦ ୨	୦.୦୦୫୦୦୦	ଶର୍ମିଷ୍ଠା ବେହେରା, ସ୍ୱାମୀ- କାଳନ୍ଦୀ ଚରଣ ବେହେରା, ଗ୍ରାମ: ନିଜଗାଁ
୧୧୫	୪୩୭/୮୦୦	ବେସରକାରୀ	ଶାରଦ ୨	୦.୦୦୫୦୦୯୦	ରାଜକିଶୋର ସାମଲ, ପିତା- ଗୋବିନ୍ଦ ସାମଲ, ଗ୍ରାମ: ନିଜଗାଁ
୧୧୬	୪୩୬	ବେସରକାରୀ	ଶାରଦ ୨	୦.୦୦୫୦୦୫୬	ଜଗନ୍ନାଥ ସାହୁ, ପିତା- ଉଦ୍ଧବ ସାହୁ, ଗ୍ରାମ: ନିଜଗାଁ
୧୧୭	୪୩୫	ବେସରକାରୀ	ଶାରଦ ୨	୦.୦୦୫୦୦୦	ଦୁଃଖ ଚରଣ ରାଉତ, ପିତା- ପ୍ରଭାକର ରାଉତ, ଗ୍ରାମ: ନିଜଗାଁ
